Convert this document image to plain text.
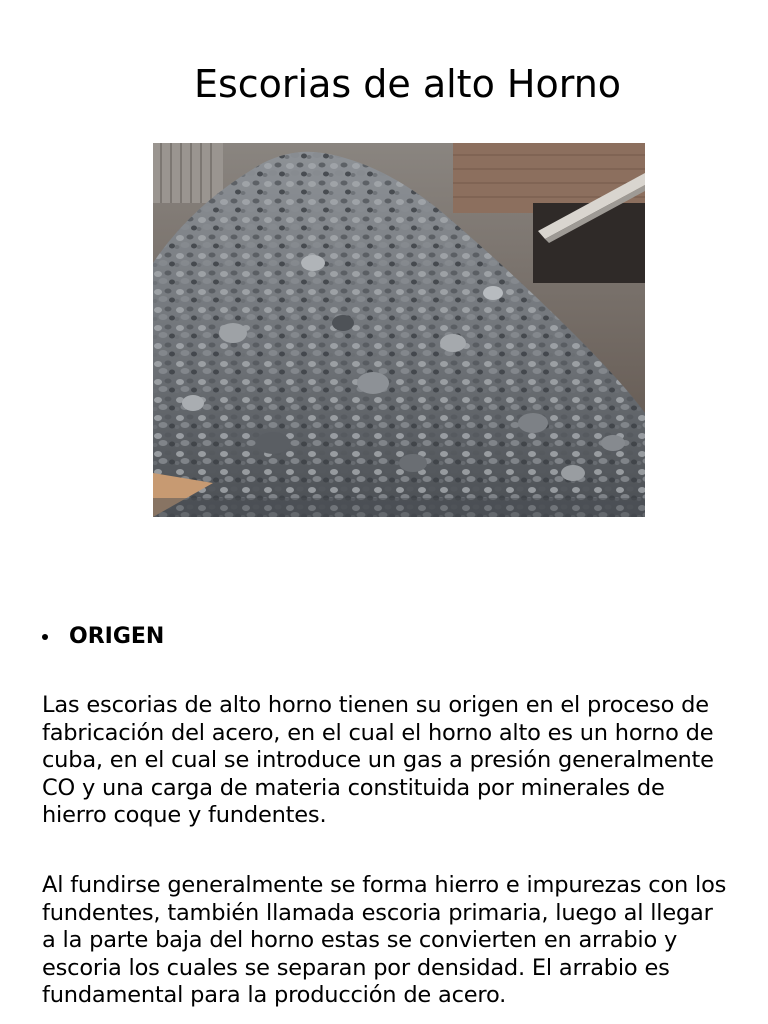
Escorias de alto Horno
ORIGEN

Las escorias de alto horno tienen su origen en el proceso de fabricación del acero, en el cual el horno alto es un horno de cuba, en el cual se introduce un gas a presión generalmente CO y una carga de materia constituida por minerales de hierro coque y fundentes.

Al fundirse generalmente se forma hierro e impurezas con los fundentes, también llamada escoria primaria, luego al llegar a la parte baja del horno estas se convierten en arrabio y escoria los cuales se separan por densidad. El arrabio es fundamental para la producción de acero.
